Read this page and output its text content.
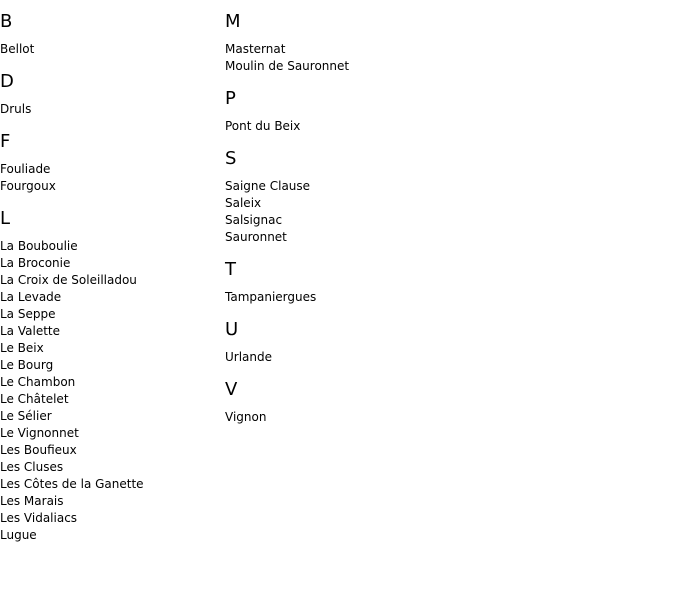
B
Bellot
D
Druls
F
Fouliade
Fourgoux
L
La Bouboulie
La Broconie
La Croix de Soleilladou
La Levade
La Seppe
La Valette
Le Beix
Le Bourg
Le Chambon
Le Châtelet
Le Sélier
Le Vignonnet
Les Boufieux
Les Cluses
Les Côtes de la Ganette
Les Marais
Les Vidaliacs
Lugue
M
Masternat
Moulin de Sauronnet
P
Pont du Beix
S
Saigne Clause
Saleix
Salsignac
Sauronnet
T
Tampaniergues
U
Urlande
V
Vignon
